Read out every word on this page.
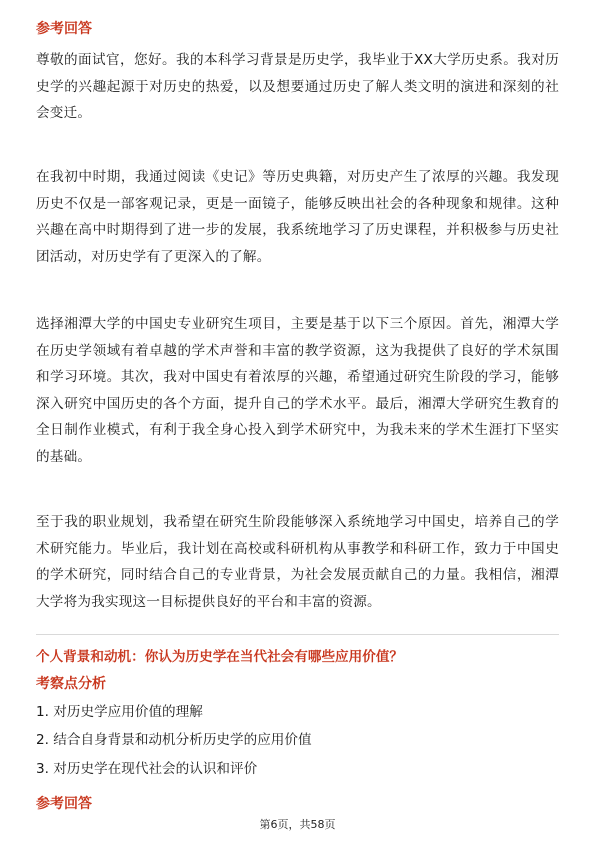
参考回答

尊敬的面试官，您好。我的本科学习背景是历史学，我毕业于XX大学历史系。我对历史学的兴趣起源于对历史的热爱，以及想要通过历史了解人类文明的演进和深刻的社会变迁。

在我初中时期，我通过阅读《史记》等历史典籍，对历史产生了浓厚的兴趣。我发现历史不仅是一部客观记录，更是一面镜子，能够反映出社会的各种现象和规律。这种兴趣在高中时期得到了进一步的发展，我系统地学习了历史课程，并积极参与历史社团活动，对历史学有了更深入的了解。

选择湘潭大学的中国史专业研究生项目，主要是基于以下三个原因。首先，湘潭大学在历史学领域有着卓越的学术声誉和丰富的教学资源，这为我提供了良好的学术氛围和学习环境。其次，我对中国史有着浓厚的兴趣，希望通过研究生阶段的学习，能够深入研究中国历史的各个方面，提升自己的学术水平。最后，湘潭大学研究生教育的全日制作业模式，有利于我全身心投入到学术研究中，为我未来的学术生涯打下坚实的基础。

至于我的职业规划，我希望在研究生阶段能够深入系统地学习中国史，培养自己的学术研究能力。毕业后，我计划在高校或科研机构从事教学和科研工作，致力于中国史的学术研究，同时结合自己的专业背景，为社会发展贡献自己的力量。我相信，湘潭大学将为我实现这一目标提供良好的平台和丰富的资源。

个人背景和动机：你认为历史学在当代社会有哪些应用价值？

考察点分析

1. 对历史学应用价值的理解

2. 结合自身背景和动机分析历史学的应用价值

3. 对历史学在现代社会的认识和评价

参考回答

第6页，共58页
